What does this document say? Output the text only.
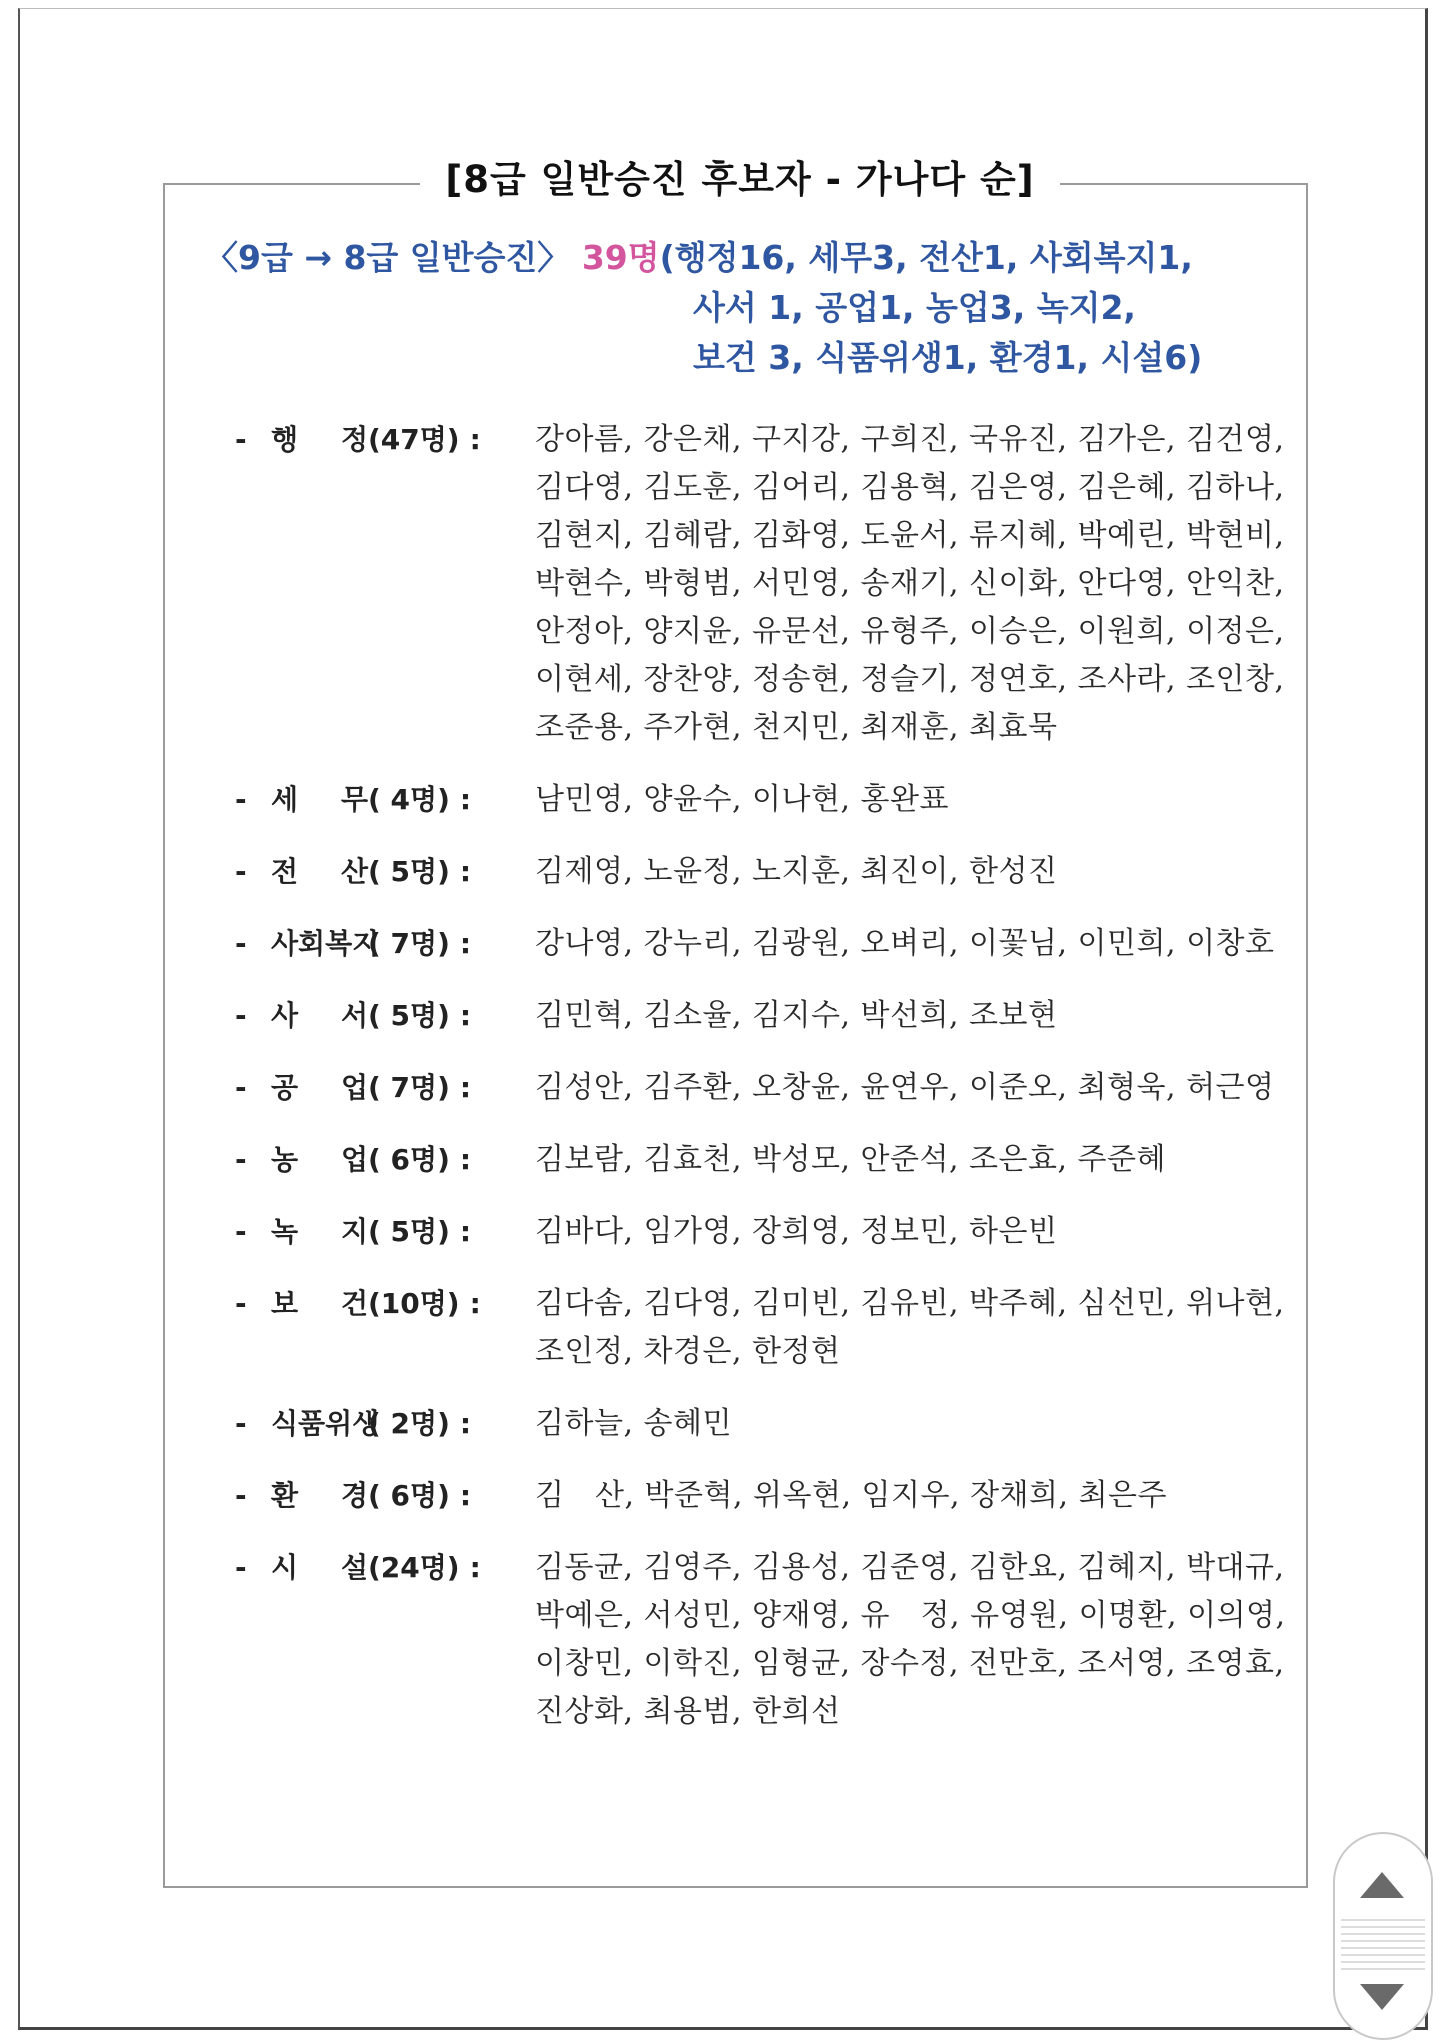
[8급 일반승진 후보자 - 가나다 순]
〈9급 → 8급 일반승진〉 39명(행정16, 세무3, 전산1, 사회복지1,
사서 1, 공업1, 농업3, 녹지2,
보건 3, 식품위생1, 환경1, 시설6)
- 행 정 (47명) : 강아름, 강은채, 구지강, 구희진, 국유진, 김가은, 김건영, 김다영, 김도훈, 김어리, 김용혁, 김은영, 김은혜, 김하나, 김현지, 김혜람, 김화영, 도윤서, 류지혜, 박예린, 박현비, 박현수, 박형범, 서민영, 송재기, 신이화, 안다영, 안익찬, 안정아, 양지윤, 유문선, 유형주, 이승은, 이원희, 이정은, 이현세, 장찬양, 정송현, 정슬기, 정연호, 조사라, 조인창, 조준용, 주가현, 천지민, 최재훈, 최효묵
- 세 무 ( 4명) : 남민영, 양윤수, 이나현, 홍완표
- 전 산 ( 5명) : 김제영, 노윤정, 노지훈, 최진이, 한성진
- 사회복지
( 7명) : 강나영, 강누리, 김광원, 오벼리, 이꽃님, 이민희, 이창호
- 사 서 ( 5명) : 김민혁, 김소율, 김지수, 박선희, 조보현
- 공 업 ( 7명) : 김성안, 김주환, 오창윤, 윤연우, 이준오, 최형욱, 허근영
- 농 업 ( 6명) : 김보람, 김효천, 박성모, 안준석, 조은효, 주준혜
- 녹 지 ( 5명) : 김바다, 임가영, 장희영, 정보민, 하은빈
- 보 건 (10명) : 김다솜, 김다영, 김미빈, 김유빈, 박주혜, 심선민, 위나현, 조인정, 차경은, 한정현
- 식품위생
( 2명) : 김하늘, 송혜민
- 환 경 ( 6명) : 김　산, 박준혁, 위옥현, 임지우, 장채희, 최은주
- 시 설 (24명) : 김동균, 김영주, 김용성, 김준영, 김한요, 김혜지, 박대규, 박예은, 서성민, 양재영, 유　정, 유영원, 이명환, 이의영, 이창민, 이학진, 임형균, 장수정, 전만호, 조서영, 조영효, 진상화, 최용범, 한희선
